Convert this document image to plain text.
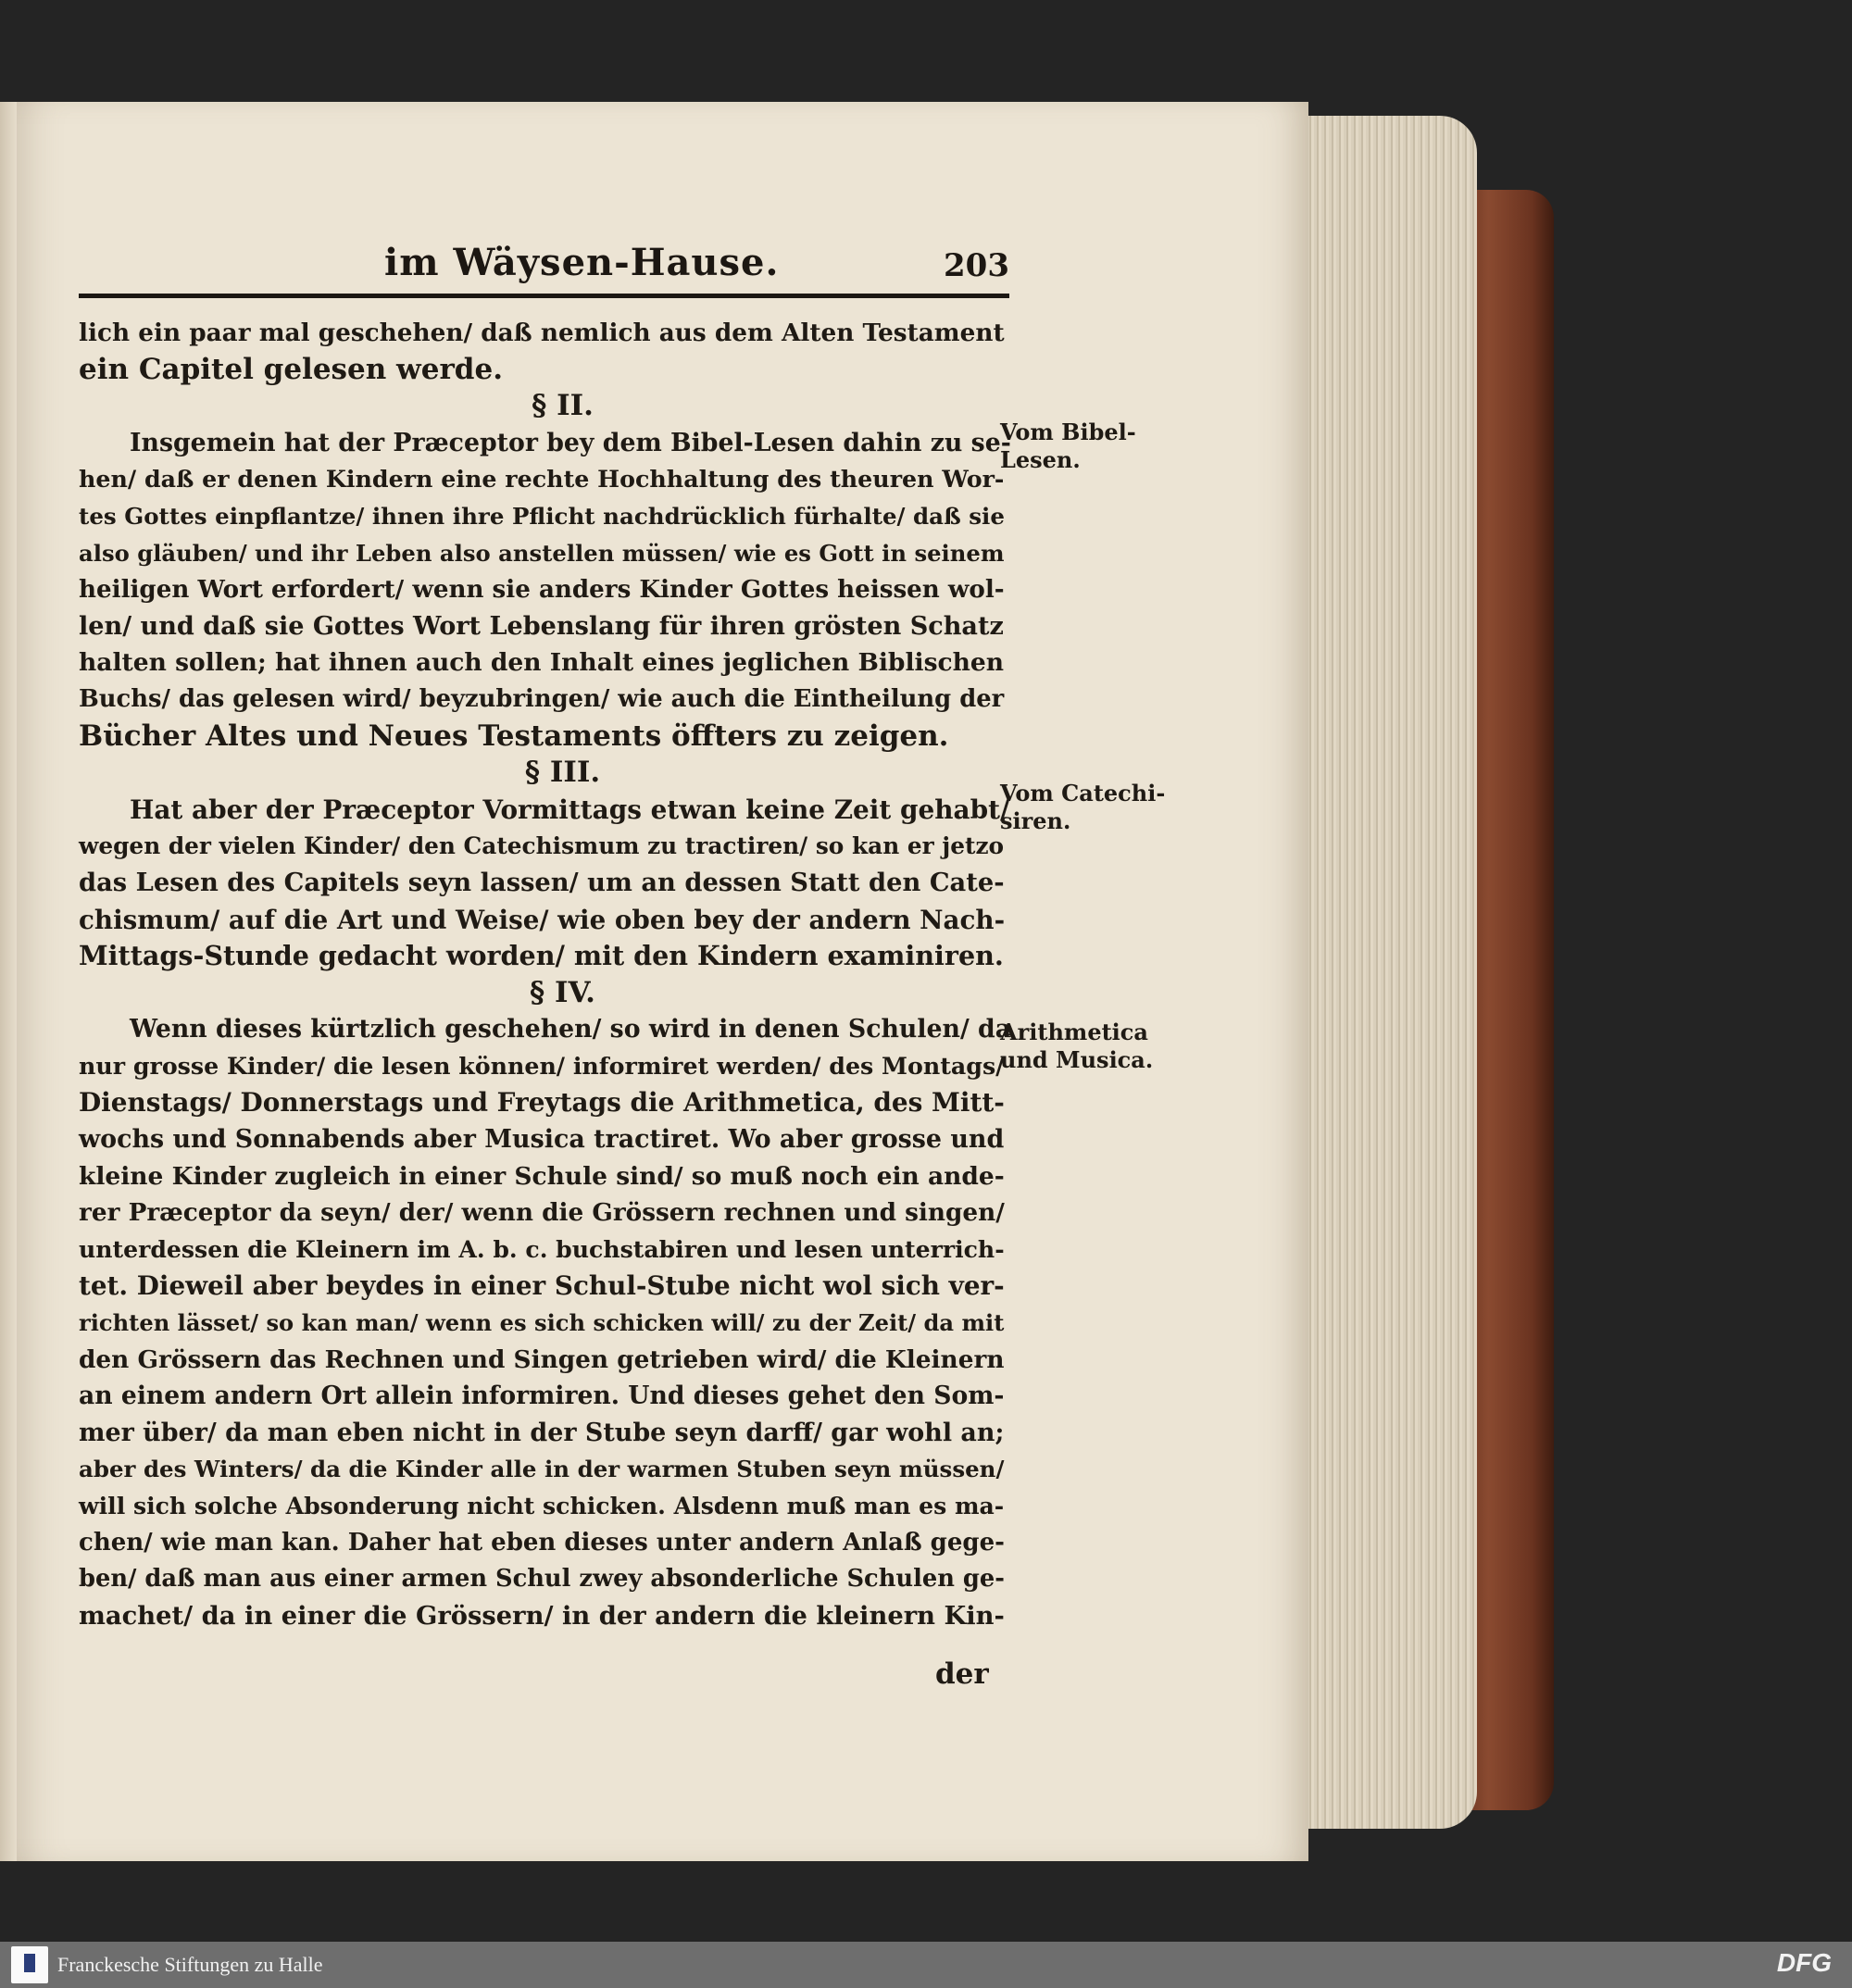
im Wäysen-Hause.	203
lich ein paar mal geschehen/ daß nemlich aus dem Alten Testament
ein Capitel gelesen werde.
§ II.
Insgemein hat der Præceptor bey dem Bibel-Lesen dahin zu se-
hen/ daß er denen Kindern eine rechte Hochhaltung des theuren Wor-
tes Gottes einpflantze/ ihnen ihre Pflicht nachdrücklich fürhalte/ daß sie
also gläuben/ und ihr Leben also anstellen müssen/ wie es Gott in seinem
heiligen Wort erfordert/ wenn sie anders Kinder Gottes heissen wol-
len/ und daß sie Gottes Wort Lebenslang für ihren grösten Schatz
halten sollen; hat ihnen auch den Inhalt eines jeglichen Biblischen
Buchs/ das gelesen wird/ beyzubringen/ wie auch die Eintheilung der
Bücher Altes und Neues Testaments öffters zu zeigen.
§ III.
Hat aber der Præceptor Vormittags etwan keine Zeit gehabt/
wegen der vielen Kinder/ den Catechismum zu tractiren/ so kan er jetzo
das Lesen des Capitels seyn lassen/ um an dessen Statt den Cate-
chismum/ auf die Art und Weise/ wie oben bey der andern Nach-
Mittags-Stunde gedacht worden/ mit den Kindern examiniren.
§ IV.
Wenn dieses kürtzlich geschehen/ so wird in denen Schulen/ da
nur grosse Kinder/ die lesen können/ informiret werden/ des Montags/
Dienstags/ Donnerstags und Freytags die Arithmetica, des Mitt-
wochs und Sonnabends aber Musica tractiret. Wo aber grosse und
kleine Kinder zugleich in einer Schule sind/ so muß noch ein ande-
rer Præceptor da seyn/ der/ wenn die Grössern rechnen und singen/
unterdessen die Kleinern im A. b. c. buchstabiren und lesen unterrich-
tet. Dieweil aber beydes in einer Schul-Stube nicht wol sich ver-
richten lässet/ so kan man/ wenn es sich schicken will/ zu der Zeit/ da mit
den Grössern das Rechnen und Singen getrieben wird/ die Kleinern
an einem andern Ort allein informiren. Und dieses gehet den Som-
mer über/ da man eben nicht in der Stube seyn darff/ gar wohl an;
aber des Winters/ da die Kinder alle in der warmen Stuben seyn müssen/
will sich solche Absonderung nicht schicken. Alsdenn muß man es ma-
chen/ wie man kan. Daher hat eben dieses unter andern Anlaß gege-
ben/ daß man aus einer armen Schul zwey absonderliche Schulen ge-
machet/ da in einer die Grössern/ in der andern die kleinern Kin-
Vom Bibel-
Lesen.
Vom Catechi-
siren.
Arithmetica
und Musica.
der
Franckesche Stiftungen zu Halle	DFG
